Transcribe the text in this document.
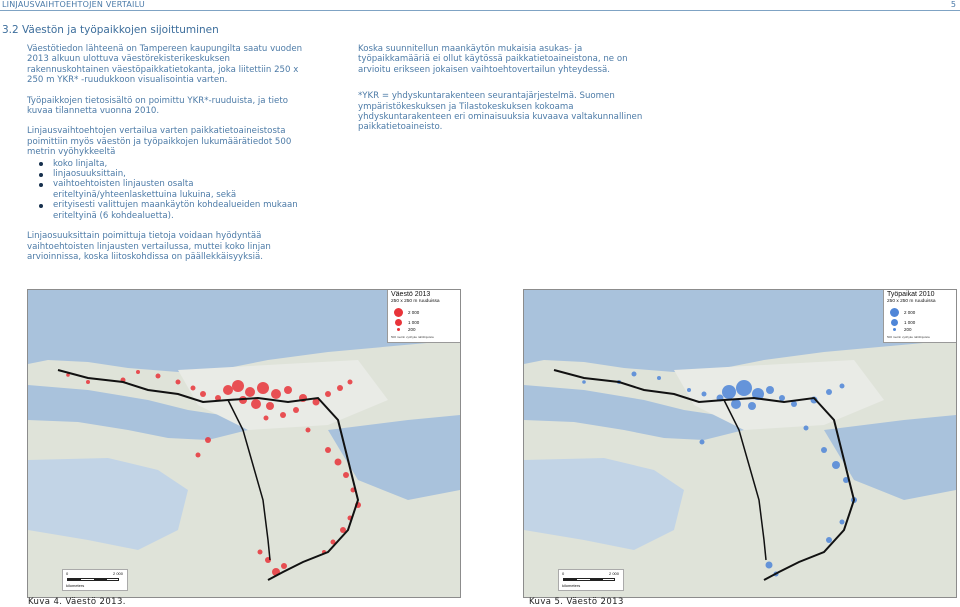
LINJAUSVAIHTOEHTOJEN VERTAILU	5
3.2 Väestön ja työpaikkojen sijoittuminen

Väestötiedon lähteenä on Tampereen kaupungilta saatu vuoden 2013 alkuun ulottuva väestörekisterikeskuksen rakennuskohtainen väestöpaikkatietokanta, joka liitettiin 250 x 250 m YKR* -ruudukkoon visualisointia varten.

Työpaikkojen tietosisältö on poimittu YKR*-ruuduista, ja tieto kuvaa tilannetta vuonna 2010.

Linjausvaihtoehtojen vertailua varten paikkatietoaineistosta poimittiin myös väestön ja työpaikkojen lukumäärätiedot 500 metrin vyöhykkeeltä

koko linjalta,
linjaosuuksittain,
vaihtoehtoisten linjausten osalta eriteltyinä/yhteenlaskettuina lukuina, sekä
erityisesti valittujen maankäytön kohdealueiden mukaan eriteltyinä (6 kohdealuetta).

Linjaosuuksittain poimittuja tietoja voidaan hyödyntää vaihtoehtoisten linjausten vertailussa, muttei koko linjan arvioinnissa, koska liitoskohdissa on päällekkäisyyksiä.

Koska suunnitellun maankäytön mukaisia asukas- ja työpaikkamääriä ei ollut käytössä paikkatietoaineistona, ne on arvioitu erikseen jokaisen vaihtoehtovertailun yhteydessä.

*YKR = yhdyskuntarakenteen seurantajärjestelmä. Suomen ympäristökeskuksen ja Tilastokeskuksen kokoama yhdyskuntarakenteen eri ominaisuuksia kuvaava valtakunnallinen paikkatietoaineisto.

Väestö 2013
250 x 250 m ruuduissa
2 000
1 000
200
500 metrin vyöhyke rahtilinjoista
0	2 000
kilometers
Kuva 4. Väestö 2013.
Työpaikat 2010
250 x 250 m ruuduissa
2 000
1 000
200
500 metrin vyöhyke rahtilinjoista
0	2 000
kilometers
Kuva 5. Väestö 2013
